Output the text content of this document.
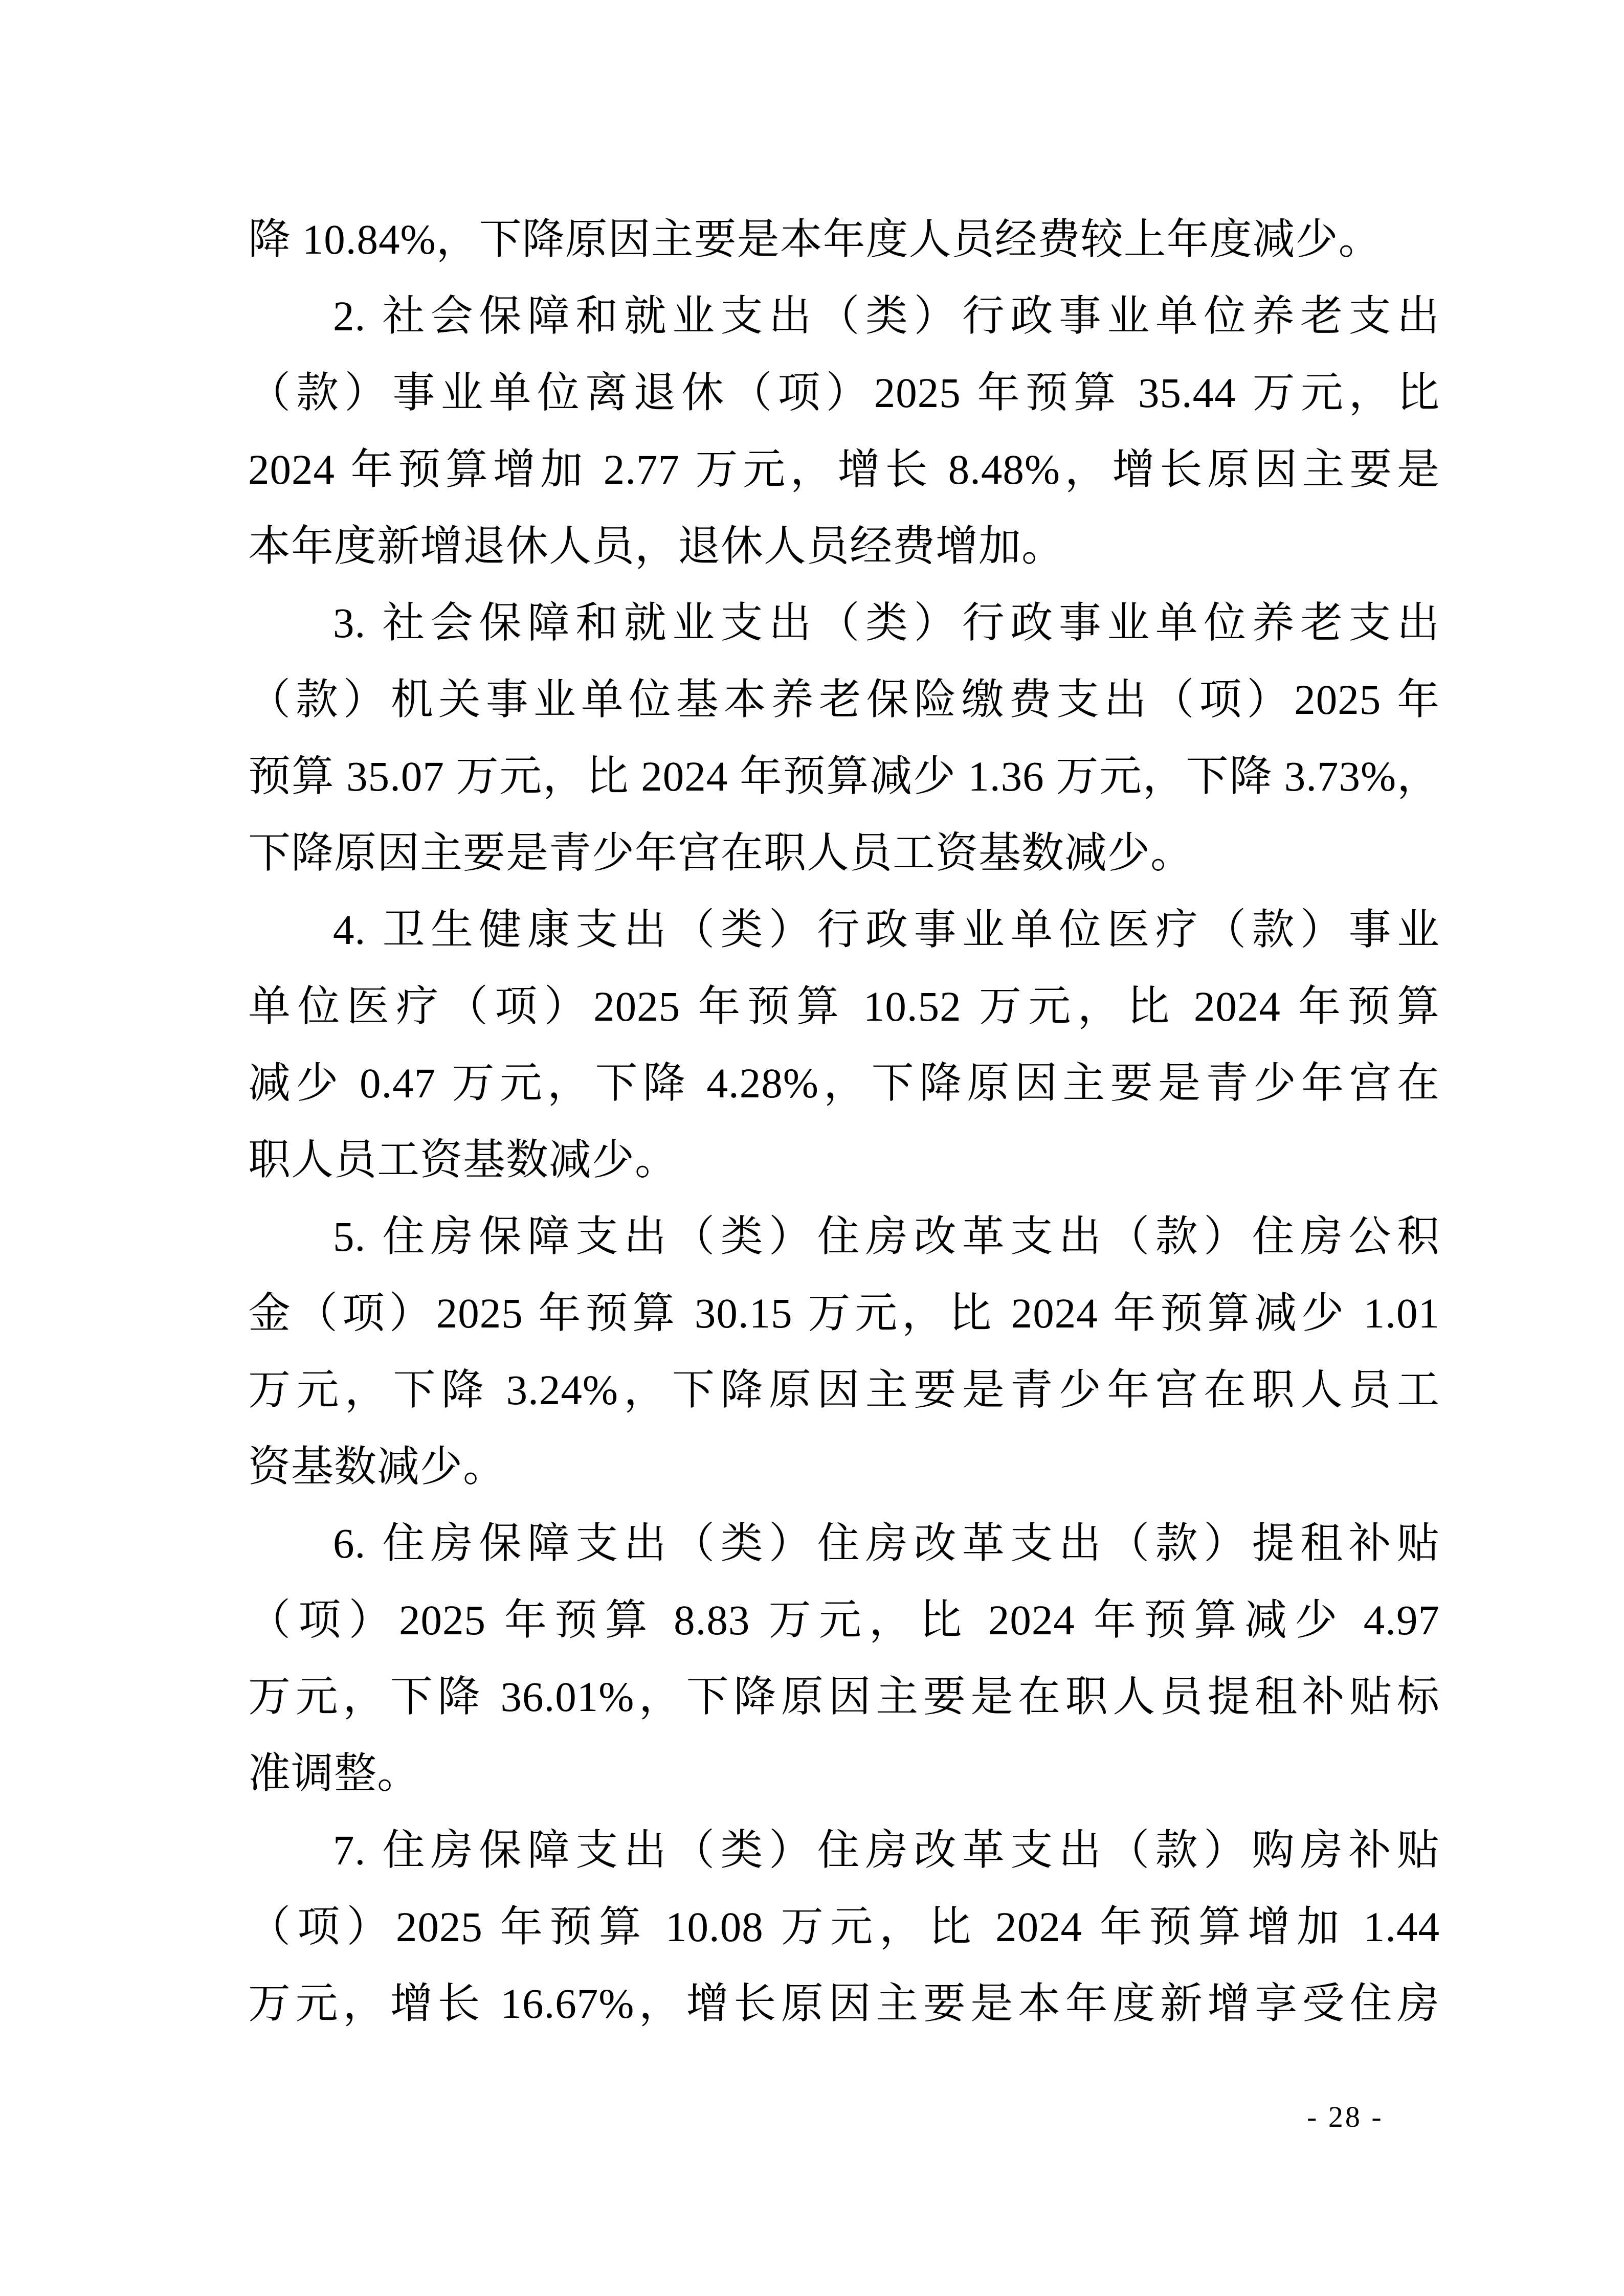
降 10.84%，下降原因主要是本年度人员经费较上年度减少。
2. 社会保障和就业支出（类）行政事业单位养老支出
（款）事业单位离退休（项）2025 年预算 35.44 万元，比
2024 年预算增加 2.77 万元，增长 8.48%，增长原因主要是
本年度新增退休人员，退休人员经费增加。
3. 社会保障和就业支出（类）行政事业单位养老支出
（款）机关事业单位基本养老保险缴费支出（项）2025 年
预算 35.07 万元，比 2024 年预算减少 1.36 万元，下降 3.73%，
下降原因主要是青少年宫在职人员工资基数减少。
4. 卫生健康支出（类）行政事业单位医疗（款）事业
单位医疗（项）2025 年预算 10.52 万元，比 2024 年预算
减少 0.47 万元，下降 4.28%，下降原因主要是青少年宫在
职人员工资基数减少。
5. 住房保障支出（类）住房改革支出（款）住房公积
金（项）2025 年预算 30.15 万元，比 2024 年预算减少 1.01
万元，下降 3.24%，下降原因主要是青少年宫在职人员工
资基数减少。
6. 住房保障支出（类）住房改革支出（款）提租补贴
（项）2025 年预算 8.83 万元，比 2024 年预算减少 4.97
万元，下降 36.01%，下降原因主要是在职人员提租补贴标
准调整。
7. 住房保障支出（类）住房改革支出（款）购房补贴
（项）2025 年预算 10.08 万元，比 2024 年预算增加 1.44
万元，增长 16.67%，增长原因主要是本年度新增享受住房
- 28 -
